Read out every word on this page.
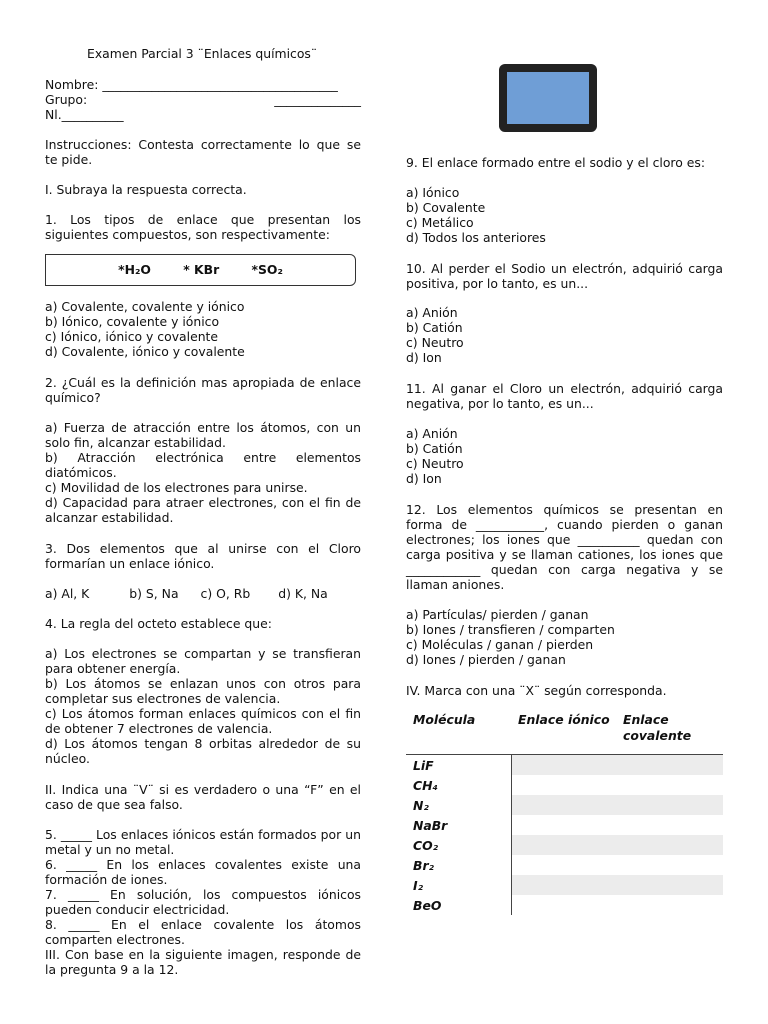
Examen Parcial 3 ¨Enlaces químicos¨
Nombre: ______________________________________
Grupo:	______________
Nl.__________
Instrucciones: Contesta correctamente lo que se te pide.
I. Subraya la respuesta correcta.
1. Los tipos de enlace que presentan los siguientes compuestos, son respectivamente:
*H₂O	* KBr	*SO₂
a) Covalente, covalente y iónico
b) Iónico, covalente y iónico
c) Iónico, iónico y covalente
d) Covalente, iónico y covalente
2. ¿Cuál es la definición mas apropiada de enlace químico?
a) Fuerza de atracción entre los átomos, con un solo fin, alcanzar estabilidad.
b) Atracción electrónica entre elementos diatómicos.
c) Movilidad de los electrones para unirse.
d) Capacidad para atraer electrones, con el fin de alcanzar estabilidad.
3. Dos elementos que al unirse con el Cloro formarían un enlace iónico.
a) Al, K	b) S, Na c) O, Rb d) K, Na
4. La regla del octeto establece que:
a) Los electrones se compartan y se transfieran para obtener energía.
b) Los átomos se enlazan unos con otros para completar sus electrones de valencia.
c) Los átomos forman enlaces químicos con el fin de obtener 7 electrones de valencia.
d) Los átomos tengan 8 orbitas alrededor de su núcleo.
II. Indica una ¨V¨ si es verdadero o una “F” en el caso de que sea falso.
5. _____ Los enlaces iónicos están formados por un metal y un no metal.
6. _____ En los enlaces covalentes existe una formación de iones.
7. _____ En solución, los compuestos iónicos pueden conducir electricidad.
8. _____ En el enlace covalente los átomos comparten electrones.
III. Con base en la siguiente imagen, responde de la pregunta 9 a la 12.
9. El enlace formado entre el sodio y el cloro es:
a) Iónico
b) Covalente
c) Metálico
d) Todos los anteriores
10. Al perder el Sodio un electrón, adquirió carga positiva, por lo tanto, es un...
a) Anión
b) Catión
c) Neutro
d) Ion
11. Al ganar el Cloro un electrón, adquirió carga negativa, por lo tanto, es un...
a) Anión
b) Catión
c) Neutro
d) Ion
12. Los elementos químicos se presentan en forma de ___________, cuando pierden o ganan electrones; los iones que __________ quedan con carga positiva y se llaman cationes, los iones que ____________ quedan con carga negativa y se llaman aniones.
a) Partículas/ pierden / ganan
b) Iones / transfieren / comparten
c) Moléculas / ganan / pierden
d) Iones / pierden / ganan
IV. Marca con una ¨X¨ según corresponda.
Molécula	Enlace iónico	Enlace covalente
LiF		
CH₄		
N₂		
NaBr		
CO₂		
Br₂		
I₂		
BeO		
